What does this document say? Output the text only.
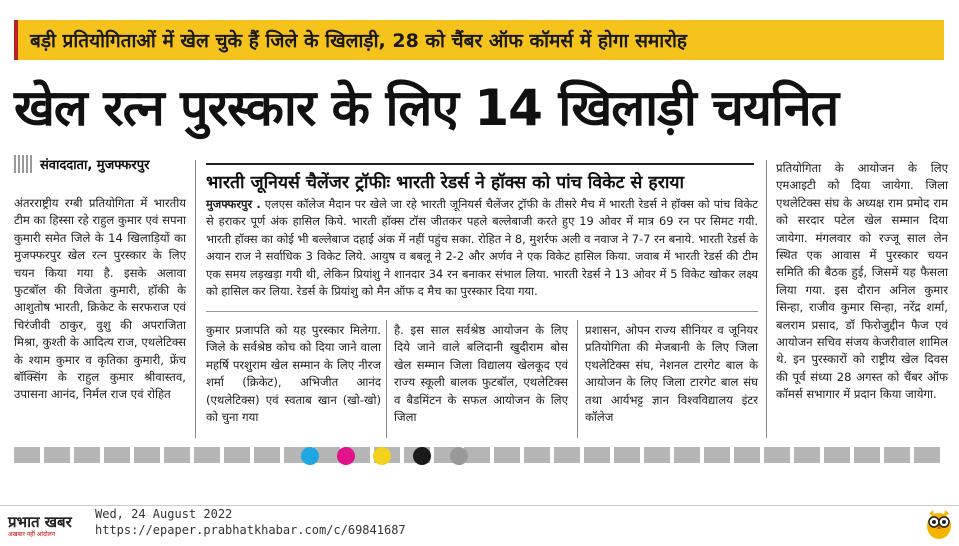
बड़ी प्रतियोगिताओं में खेल चुके हैं जिले के खिलाड़ी, 28 को चैंबर ऑफ कॉमर्स में होगा समारोह
खेल रत्न पुरस्कार के लिए 14 खिलाड़ी चयनित
संवाददाता, मुजफ्फरपुर
अंतरराष्ट्रीय रग्बी प्रतियोगिता में भारतीय टीम का हिस्सा रहे राहुल कुमार एवं सपना कुमारी समेत जिले के 14 खिलाड़ियों का मुजफ्फरपुर खेल रत्न पुरस्कार के लिए चयन किया गया है. इसके अलावा फुटबॉल की विजेता कुमारी, हॉकी के आशुतोष भारती, क्रिकेट के सरफराज एवं चिरंजीवी ठाकुर, वुशु की अपराजिता मिश्रा, कुश्ती के आदित्य राज, एथलेटिक्स के श्याम कुमार व कृतिका कुमारी, फ्रेंच बॉक्सिंग के राहुल कुमार श्रीवास्तव, उपासना आनंद, निर्मल राज एवं रोहित
भारती जूनियर्स चैलेंजर ट्रॉफीः भारती रेडर्स ने हॉक्स को पांच विकेट से हराया
मुजफ्फरपुर . एलएस कॉलेज मैदान पर खेले जा रहे भारती जूनियर्स चैलेंजर ट्रॉफी के तीसरे मैच में भारती रेडर्स ने हॉक्स को पांच विकेट से हराकर पूर्ण अंक हासिल किये. भारती हॉक्स टॉस जीतकर पहले बल्लेबाजी करते हुए 19 ओवर में मात्र 69 रन पर सिमट गयी. भारती हॉक्स का कोई भी बल्लेबाज दहाई अंक में नहीं पहुंच सका. रोहित ने 8, मुशर्रफ अली व नवाज ने 7-7 रन बनाये. भारती रेडर्स के अयान राज ने सर्वाधिक 3 विकेट लिये. आयुष व बबलू ने 2-2 और अर्णव ने एक विकेट हासिल किया. जवाब में भारती रेडर्स की टीम एक समय लड़खड़ा गयी थी, लेकिन प्रियांशु ने शानदार 34 रन बनाकर संभाल लिया. भारती रेडर्स ने 13 ओवर में 5 विकेट खोकर लक्ष्य को हासिल कर लिया. रेडर्स के प्रियांशु को मैन ऑफ द मैच का पुरस्कार दिया गया.
कुमार प्रजापति को यह पुरस्कार मिलेगा. जिले के सर्वश्रेष्ठ कोच को दिया जाने वाला महर्षि परशुराम खेल सम्मान के लिए नीरज शर्मा (क्रिकेट), अभिजीत आनंद (एथलेटिक्स) एवं स्वताब खान (खो-खो) को चुना गया
है. इस साल सर्वश्रेष्ठ आयोजन के लिए दिये जाने वाले बलिदानी खुदीराम बोस खेल सम्मान जिला विद्यालय खेलकूद एवं राज्य स्कूली बालक फुटबॉल, एथलेटिक्स व बैडमिंटन के सफल आयोजन के लिए जिला
प्रशासन, ओपन राज्य सीनियर व जूनियर प्रतियोगिता की मेजबानी के लिए जिला एथलेटिक्स संघ, नेशनल टारगेट बाल के आयोजन के लिए जिला टारगेट बाल संघ तथा आर्यभट्ट ज्ञान विश्वविद्यालय इंटर कॉलेज
प्रतियोगिता के आयोजन के लिए एमआइटी को दिया जायेगा. जिला एथलेटिक्स संघ के अध्यक्ष राम प्रमोद राम को सरदार पटेल खेल सम्मान दिया जायेगा. मंगलवार को रज्जू साल लेन स्थित एक आवास में पुरस्कार चयन समिति की बैठक हुई, जिसमें यह फैसला लिया गया. इस दौरान अनिल कुमार सिन्हा, राजीव कुमार सिन्हा, नरेंद्र शर्मा, बलराम प्रसाद, डॉ फिरोजुद्दीन फैज एवं आयोजन सचिव संजय केजरीवाल शामिल थे. इन पुरस्कारों को राष्ट्रीय खेल दिवस की पूर्व संध्या 28 अगस्त को चैंबर ऑफ कॉमर्स सभागार में प्रदान किया जायेगा.
प्रभात खबर
अखबार नहीं आंदोलन
Wed, 24 August 2022
https://epaper.prabhatkhabar.com/c/69841687
